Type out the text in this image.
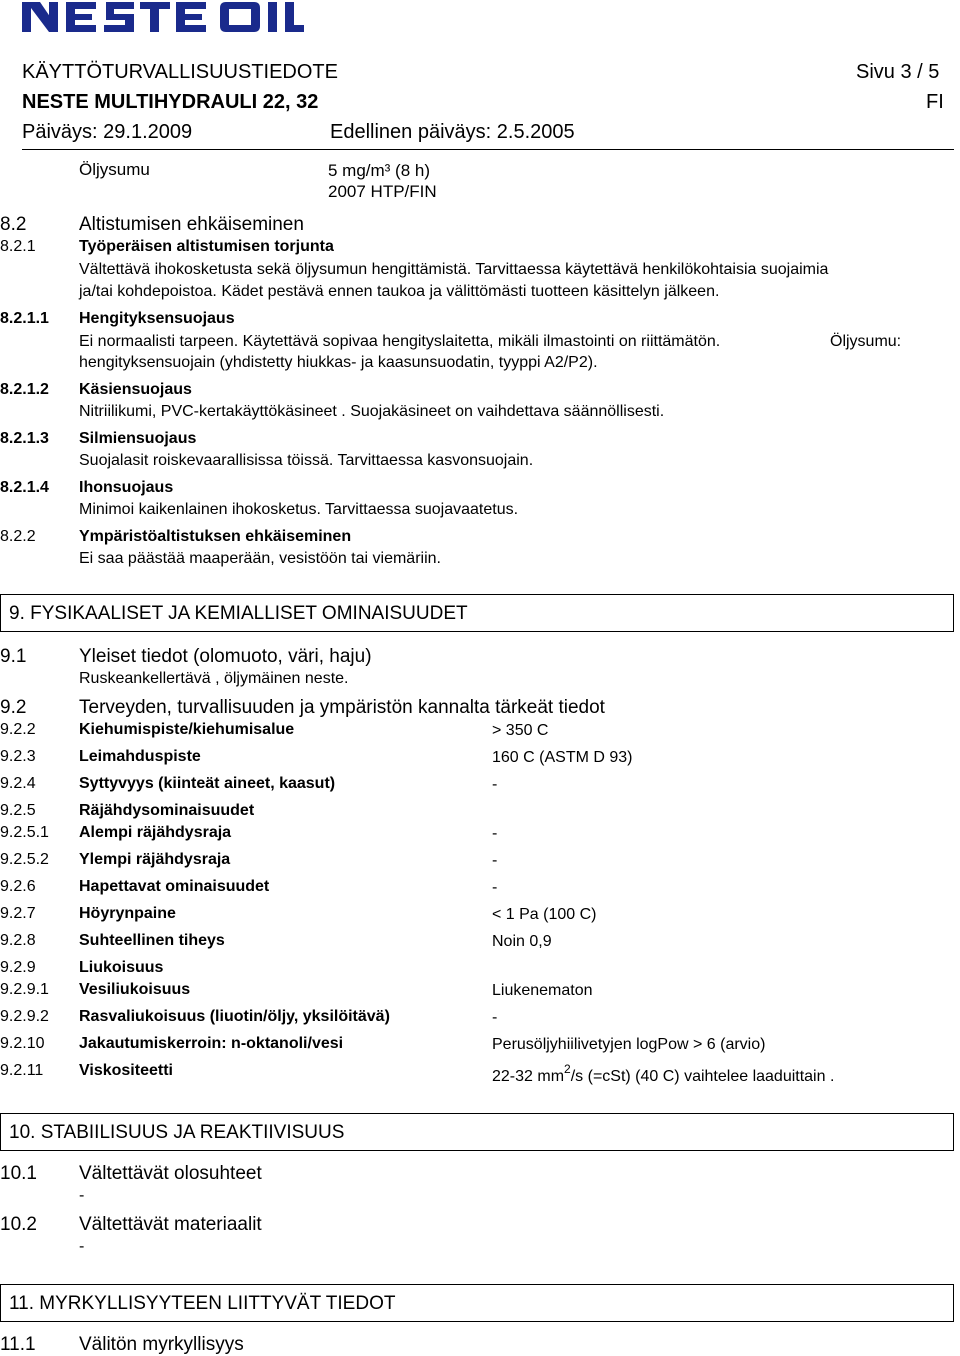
KÄYTTÖTURVALLISUUSTIEDOTE	Sivu 3 / 5
NESTE MULTIHYDRAULI 22, 32	FI
Päiväys: 29.1.2009	Edellinen päiväys: 2.5.2005
Öljysumu	5 mg/m³ (8 h)
2007 HTP/FIN
8.2	Altistumisen ehkäiseminen
8.2.1	Työperäisen altistumisen torjunta
Vältettävä ihokosketusta sekä öljysumun hengittämistä. Tarvittaessa käytettävä henkilökohtaisia suojaimia
ja/tai kohdepoistoa. Kädet pestävä ennen taukoa ja välittömästi tuotteen käsittelyn jälkeen.
8.2.1.1 Hengityksensuojaus
Ei normaalisti tarpeen. Käytettävä sopivaa hengityslaitetta, mikäli ilmastointi on riittämätön.	Öljysumu:
hengityksensuojain (yhdistetty hiukkas- ja kaasunsuodatin, tyyppi A2/P2).
8.2.1.2 Käsiensuojaus
Nitriilikumi, PVC-kertakäyttökäsineet . Suojakäsineet on vaihdettava säännöllisesti.
8.2.1.3 Silmiensuojaus
Suojalasit roiskevaarallisissa töissä. Tarvittaessa kasvonsuojain.
8.2.1.4 Ihonsuojaus
Minimoi kaikenlainen ihokosketus. Tarvittaessa suojavaatetus.
8.2.2	Ympäristöaltistuksen ehkäiseminen
Ei saa päästää maaperään, vesistöön tai viemäriin.
9. FYSIKAALISET JA KEMIALLISET OMINAISUUDET
9.1	Yleiset tiedot (olomuoto, väri, haju)
Ruskeankellertävä , öljymäinen neste.
9.2	Terveyden, turvallisuuden ja ympäristön kannalta tärkeät tiedot
9.2.2	Kiehumispiste/kiehumisalue	> 350 C
9.2.3	Leimahduspiste	160 C (ASTM D 93)
9.2.4	Syttyvyys (kiinteät aineet, kaasut)	-
9.2.5	Räjähdysominaisuudet
9.2.5.1 Alempi räjähdysraja	-
9.2.5.2 Ylempi räjähdysraja	-
9.2.6	Hapettavat ominaisuudet	-
9.2.7	Höyrynpaine	< 1 Pa (100 C)
9.2.8	Suhteellinen tiheys	Noin 0,9
9.2.9	Liukoisuus
9.2.9.1 Vesiliukoisuus	Liukenematon
9.2.9.2 Rasvaliukoisuus (liuotin/öljy, yksilöitävä)	-
9.2.10 Jakautumiskerroin: n-oktanoli/vesi	Perusöljyhiilivetyjen logPow > 6 (arvio)
9.2.11 Viskositeetti	22-32 $mm^2/s$ (=cSt) (40 C) vaihtelee laaduittain .
10. STABIILISUUS JA REAKTIIVISUUS
10.1 Vältettävät olosuhteet
-
10.2 Vältettävät materiaalit
-
11. MYRKYLLISYYTEEN LIITTYVÄT TIEDOT
11.1 Välitön myrkyllisyys
